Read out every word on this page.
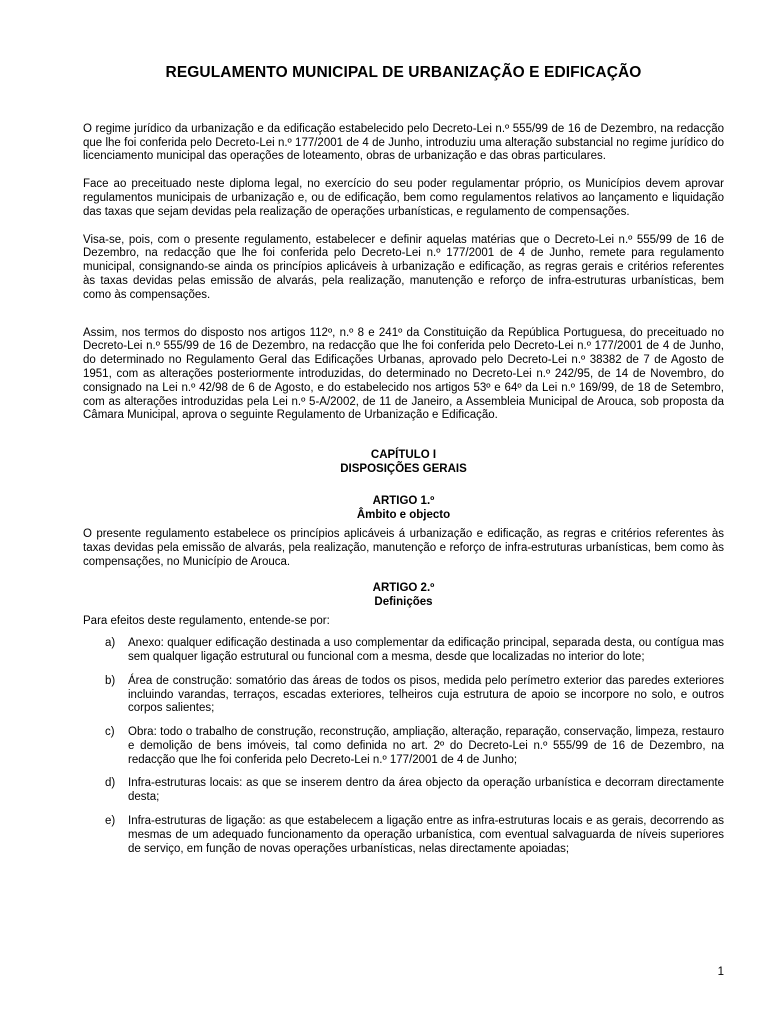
REGULAMENTO MUNICIPAL DE URBANIZAÇÃO E EDIFICAÇÃO

O regime jurídico da urbanização e da edificação estabelecido pelo Decreto-Lei n.º 555/99 de 16 de Dezembro, na redacção que lhe foi conferida pelo Decreto-Lei n.º 177/2001 de 4 de Junho, introduziu uma alteração substancial no regime jurídico do licenciamento municipal das operações de loteamento, obras de urbanização e das obras particulares.

Face ao preceituado neste diploma legal, no exercício do seu poder regulamentar próprio, os Municípios devem aprovar regulamentos municipais de urbanização e, ou de edificação, bem como regulamentos relativos ao lançamento e liquidação das taxas que sejam devidas pela realização de operações urbanísticas, e regulamento de compensações.

Visa-se, pois, com o presente regulamento, estabelecer e definir aquelas matérias que o Decreto-Lei n.º 555/99 de 16 de Dezembro, na redacção que lhe foi conferida pelo Decreto-Lei n.º 177/2001 de 4 de Junho, remete para regulamento municipal, consignando-se ainda os princípios aplicáveis à urbanização e edificação, as regras gerais e critérios referentes às taxas devidas pelas emissão de alvarás, pela realização, manutenção e reforço de infra-estruturas urbanísticas, bem como às compensações.

Assim, nos termos do disposto nos artigos 112º, n.º 8 e 241º da Constituição da República Portuguesa, do preceituado no Decreto-Lei n.º 555/99 de 16 de Dezembro, na redacção que lhe foi conferida pelo Decreto-Lei n.º 177/2001 de 4 de Junho, do determinado no Regulamento Geral das Edificações Urbanas, aprovado pelo Decreto-Lei n.º 38382 de 7 de Agosto de 1951, com as alterações posteriormente introduzidas, do determinado no Decreto-Lei n.º 242/95, de 14 de Novembro, do consignado na Lei n.º 42/98 de 6 de Agosto, e do estabelecido nos artigos 53º e 64º da Lei n.º 169/99, de 18 de Setembro, com as alterações introduzidas pela Lei n.º 5-A/2002, de 11 de Janeiro, a Assembleia Municipal de Arouca, sob proposta da Câmara Municipal, aprova o seguinte Regulamento de Urbanização e Edificação.

CAPÍTULO I
DISPOSIÇÕES GERAIS
ARTIGO 1.º
Âmbito e objecto

O presente regulamento estabelece os princípios aplicáveis á urbanização e edificação, as regras e critérios referentes às taxas devidas pela emissão de alvarás, pela realização, manutenção e reforço de infra-estruturas urbanísticas, bem como às compensações, no Município de Arouca.

ARTIGO 2.º
Definições

Para efeitos deste regulamento, entende-se por:

a) Anexo: qualquer edificação destinada a uso complementar da edificação principal, separada desta, ou contígua mas sem qualquer ligação estrutural ou funcional com a mesma, desde que localizadas no interior do lote;
b) Área de construção: somatório das áreas de todos os pisos, medida pelo perímetro exterior das paredes exteriores incluindo varandas, terraços, escadas exteriores, telheiros cuja estrutura de apoio se incorpore no solo, e outros corpos salientes;
c) Obra: todo o trabalho de construção, reconstrução, ampliação, alteração, reparação, conservação, limpeza, restauro e demolição de bens imóveis, tal como definida no art. 2º do Decreto-Lei n.º 555/99 de 16 de Dezembro, na redacção que lhe foi conferida pelo Decreto-Lei n.º 177/2001 de 4 de Junho;
d) Infra-estruturas locais: as que se inserem dentro da área objecto da operação urbanística e decorram directamente desta;
e) Infra-estruturas de ligação: as que estabelecem a ligação entre as infra-estruturas locais e as gerais, decorrendo as mesmas de um adequado funcionamento da operação urbanística, com eventual salvaguarda de níveis superiores de serviço, em função de novas operações urbanísticas, nelas directamente apoiadas;
1
